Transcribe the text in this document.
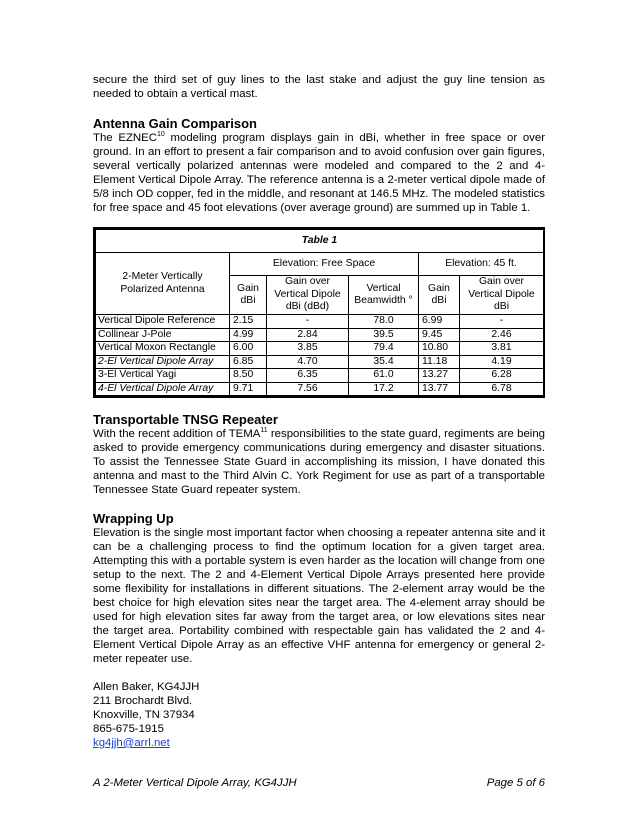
secure the third set of guy lines to the last stake and adjust the guy line tension as needed to obtain a vertical mast.

Antenna Gain Comparison

The EZNEC$^{10}$ modeling program displays gain in dBi, whether in free space or over ground. In an effort to present a fair comparison and to avoid confusion over gain figures, several vertically polarized antennas were modeled and compared to the 2 and 4-Element Vertical Dipole Array. The reference antenna is a 2-meter vertical dipole made of 5/8 inch OD copper, fed in the middle, and resonant at 146.5 MHz. The modeled statistics for free space and 45 foot elevations (over average ground) are summed up in Table 1.

Table 1					
2-Meter Vertically Polarized Antenna	Elevation: Free Space			Elevation: 45 ft.	
	Gain dBi	Gain over Vertical Dipole dBi (dBd)	Vertical Beamwidth °	Gain dBi	Gain over Vertical Dipole dBi
Vertical Dipole Reference	2.15	-	78.0	6.99	-
Collinear J-Pole	4.99	2.84	39.5	9.45	2.46
Vertical Moxon Rectangle	6.00	3.85	79.4	10.80	3.81
2-El Vertical Dipole Array	6.85	4.70	35.4	11.18	4.19
3-El Vertical Yagi	8.50	6.35	61.0	13.27	6.28
4-El Vertical Dipole Array	9.71	7.56	17.2	13.77	6.78
Transportable TNSG Repeater

With the recent addition of TEMA$^{11}$ responsibilities to the state guard, regiments are being asked to provide emergency communications during emergency and disaster situations. To assist the Tennessee State Guard in accomplishing its mission, I have donated this antenna and mast to the Third Alvin C. York Regiment for use as part of a transportable Tennessee State Guard repeater system.

Wrapping Up

Elevation is the single most important factor when choosing a repeater antenna site and it can be a challenging process to find the optimum location for a given target area. Attempting this with a portable system is even harder as the location will change from one setup to the next. The 2 and 4-Element Vertical Dipole Arrays presented here provide some flexibility for installations in different situations. The 2-element array would be the best choice for high elevation sites near the target area. The 4-element array should be used for high elevation sites far away from the target area, or low elevations sites near the target area. Portability combined with respectable gain has validated the 2 and 4-Element Vertical Dipole Array as an effective VHF antenna for emergency or general 2-meter repeater use.

Allen Baker, KG4JJH

211 Brochardt Blvd.

Knoxville, TN 37934

865-675-1915

kg4jjh@arrl.net

A 2-Meter Vertical Dipole Array, KG4JJH	Page 5 of 6
